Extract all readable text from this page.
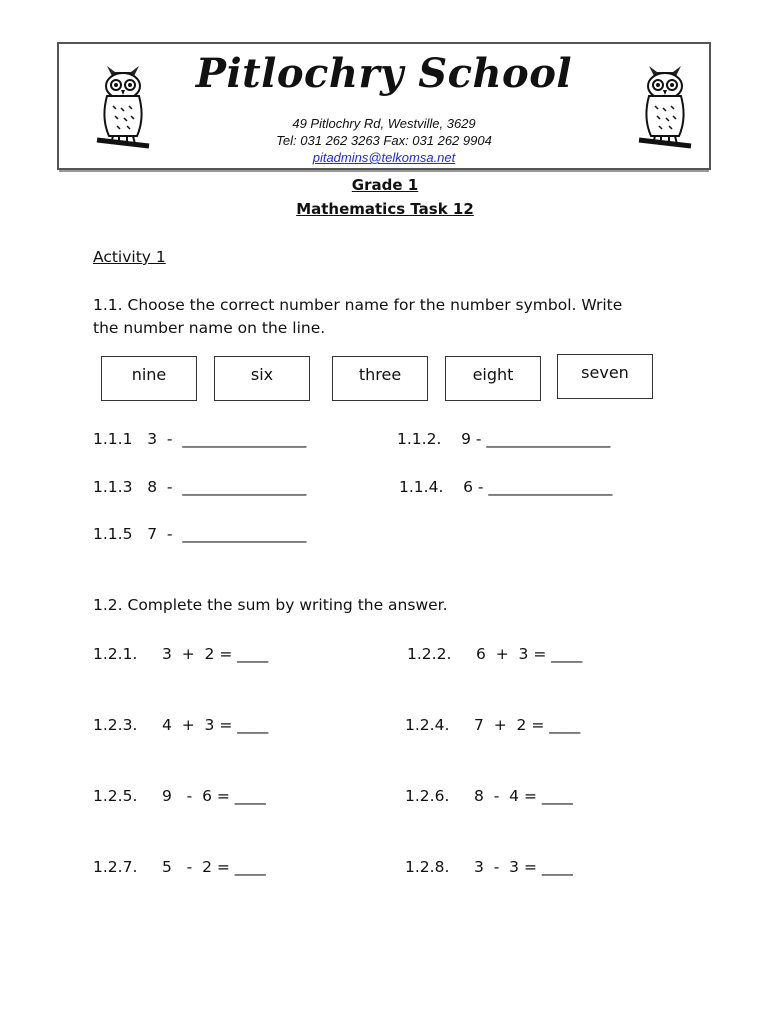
Pitlochry School
49 Pitlochry Rd, Westville, 3629
Tel: 031 262 3263 Fax: 031 262 9904
pitadmins@telkomsa.net
Grade 1
Mathematics Task 12
Activity 1
1.1. Choose the correct number name for the number symbol. Write
the number name on the line.
nine	six	three	eight	seven
1.1.1   3  -  ________________	1.1.2.    9 - ________________
1.1.3   8  -  ________________	1.1.4.    6 - ________________
1.1.5   7  -  ________________
1.2. Complete the sum by writing the answer.
1.2.1.     3  +  2 = ____	1.2.2.     6  +  3 = ____
1.2.3.     4  +  3 = ____	1.2.4.     7  +  2 = ____
1.2.5.     9   -  6 = ____	1.2.6.     8  -  4 = ____
1.2.7.     5   -  2 = ____	1.2.8.     3  -  3 = ____
